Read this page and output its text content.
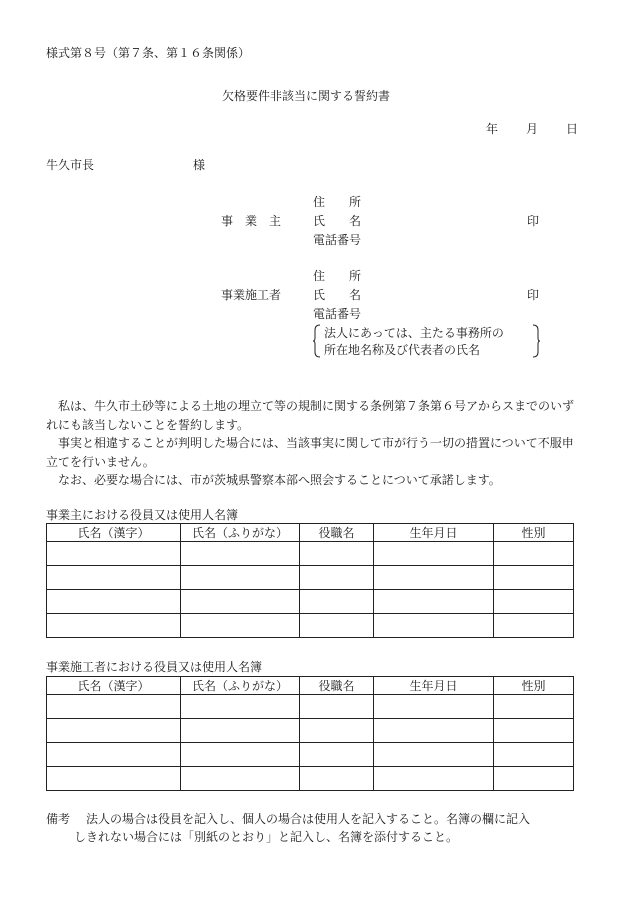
様式第８号（第７条、第１６条関係）
欠格要件非該当に関する誓約書
年 月 日
牛久市長	様
住　　所
事　業　主	氏　　名	印
電話番号
住　　所
事業施工者	氏　　名	印
電話番号
法人にあっては、主たる事務所の
所在地名称及び代表者の氏名

　私は、牛久市土砂等による土地の埋立て等の規制に関する条例第７条第６号アからスまでのいずれにも該当しないことを誓約します。

　事実と相違することが判明した場合には、当該事実に関して市が行う一切の措置について不服申立てを行いません。

　なお、必要な場合には、市が茨城県警察本部へ照会することについて承諾します。

事業主における役員又は使用人名簿
氏名（漢字）	氏名（ふりがな）	役職名	生年月日	性別

事業施工者における役員又は使用人名簿
氏名（漢字）	氏名（ふりがな）	役職名	生年月日	性別

備考 法人の場合は役員を記入し、個人の場合は使用人を記入すること。名簿の欄に記入
しきれない場合には「別紙のとおり」と記入し、名簿を添付すること。
